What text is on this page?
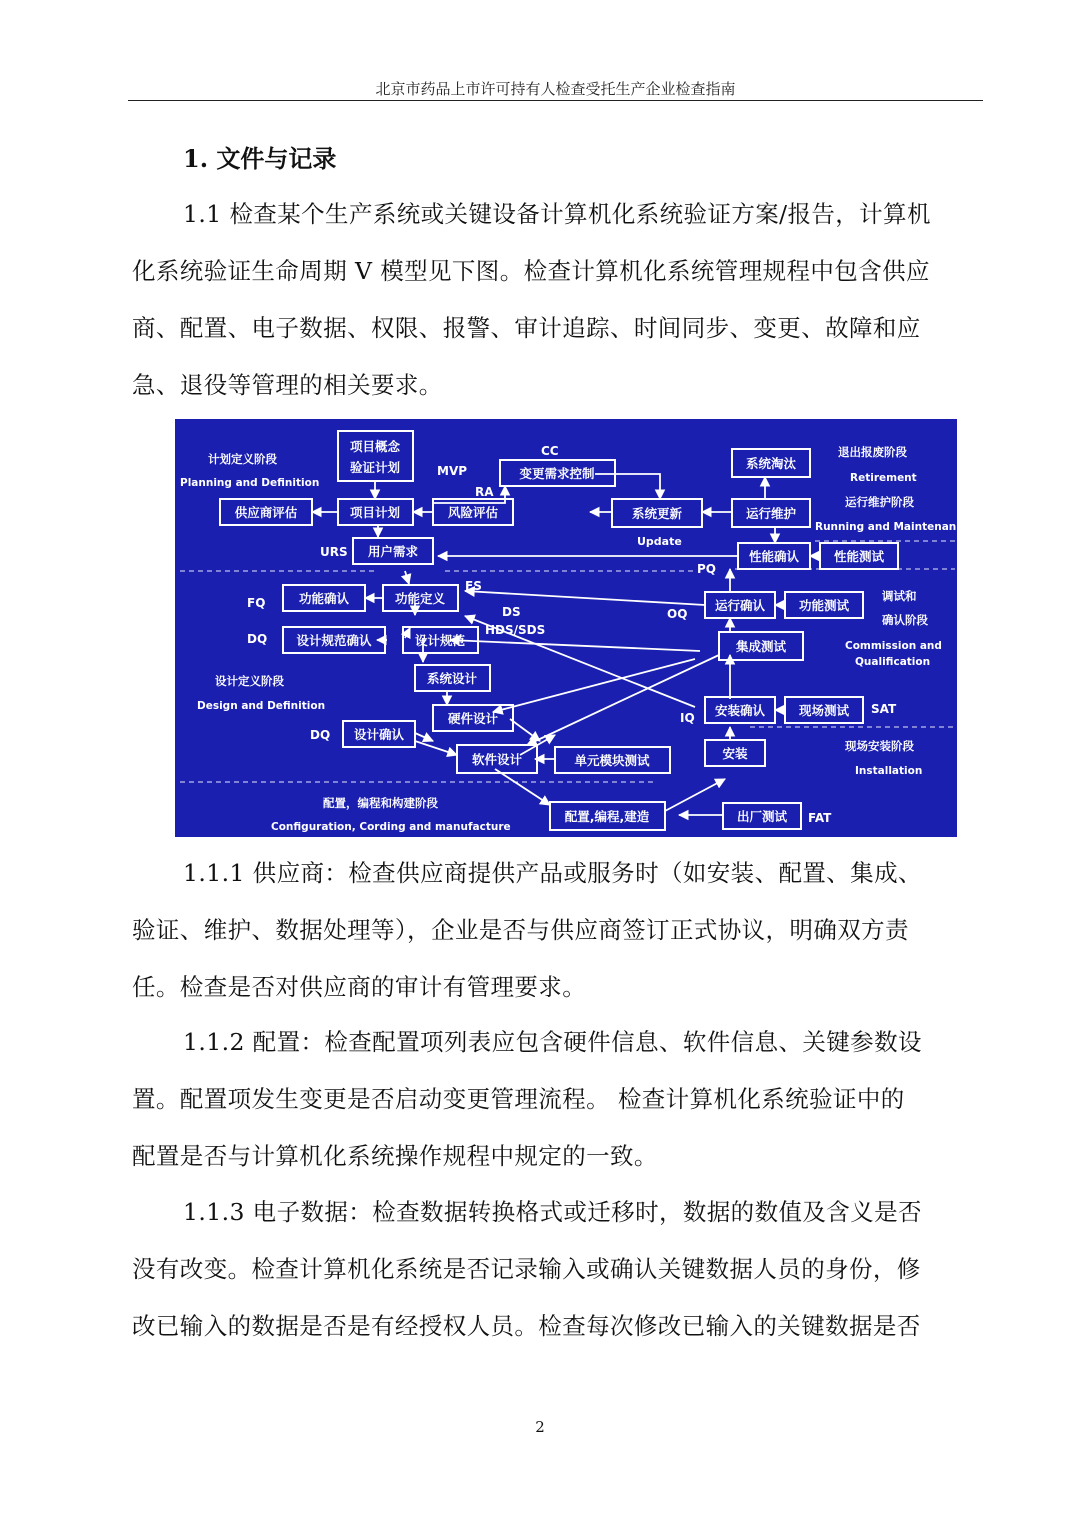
北京市药品上市许可持有人检查受托生产企业检查指南
1. 文件与记录
1.1 检查某个生产系统或关键设备计算机化系统验证方案/报告，计算机
化系统验证生命周期 V 模型见下图。检查计算机化系统管理规程中包含供应
商、配置、电子数据、权限、报警、审计追踪、时间同步、变更、故障和应
急、退役等管理的相关要求。
项目概念
验证计划	变更需求控制
供应商评估	项目计划	风险评估
用户需求
系统淘汰
系统更新	运行维护
性能确认	性能测试
功能确认	功能定义	运行确认	功能测试
设计规范确认	设计规范	集成测试
系统设计
设计确认
硬件设计
安装确认	现场测试
软件设计	单元模块测试	安装
配置,编程,建造	出厂测试
计划定义阶段
Planning and Definition
退出报废阶段
Retirement
运行维护阶段
Running and Maintenan
设计定义阶段
Design and Definition
调试和
确认阶段
Commission and
Qualification
现场安装阶段
Installation
配置，编程和构建阶段
Configuration, Cording and manufacture
CC
MVP
RA
URS
Update
PQ
FQ
FS
DS
HDS/SDS
OQ
DQ
DQ
IQ
SAT
FAT
1.1.1 供应商：检查供应商提供产品或服务时（如安装、配置、集成、
验证、维护、数据处理等），企业是否与供应商签订正式协议，明确双方责
任。检查是否对供应商的审计有管理要求。
1.1.2 配置：检查配置项列表应包含硬件信息、软件信息、关键参数设
置。配置项发生变更是否启动变更管理流程。 检查计算机化系统验证中的
配置是否与计算机化系统操作规程中规定的一致。
1.1.3 电子数据：检查数据转换格式或迁移时，数据的数值及含义是否
没有改变。检查计算机化系统是否记录输入或确认关键数据人员的身份，修
改已输入的数据是否是有经授权人员。检查每次修改已输入的关键数据是否
2
